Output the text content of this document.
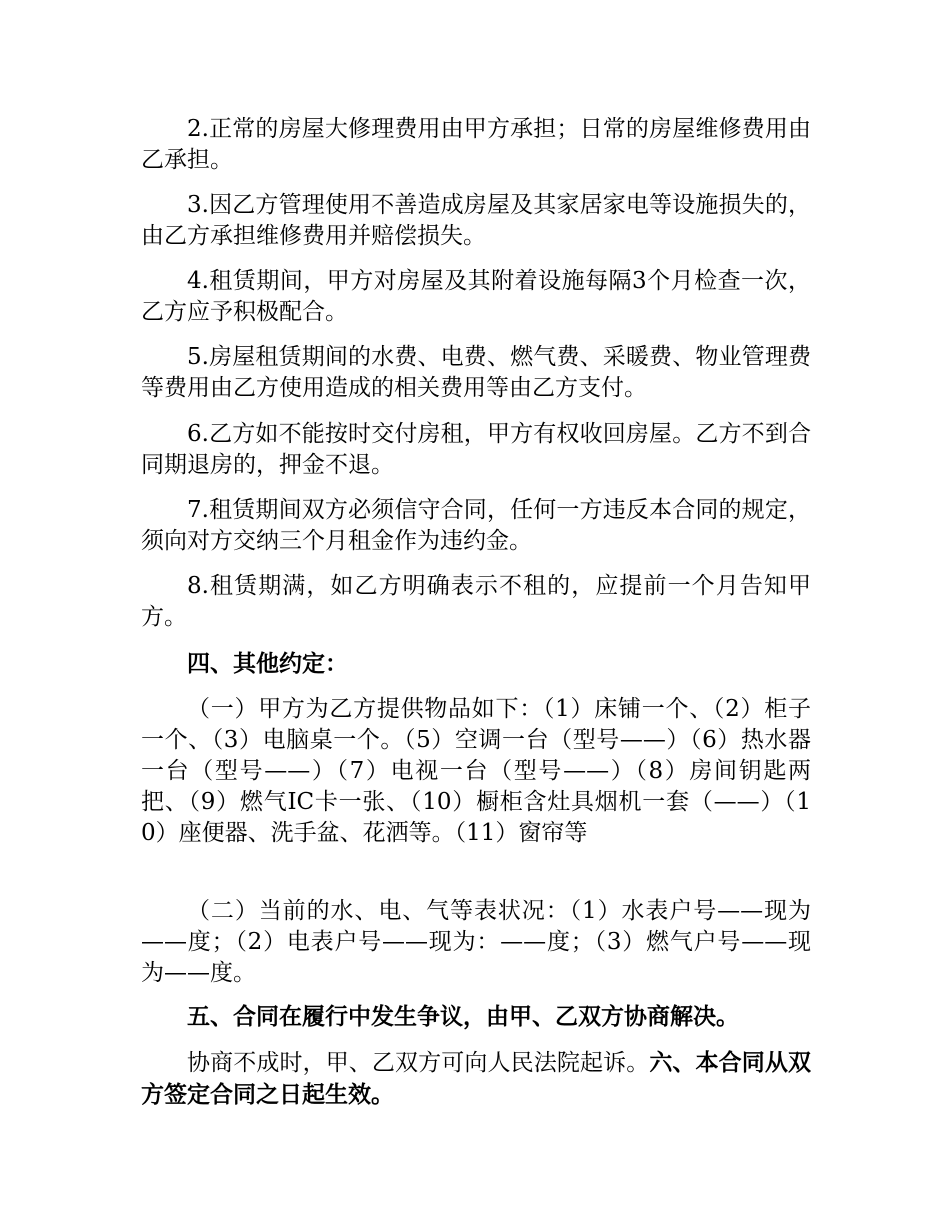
2.正常的房屋大修理费用由甲方承担；日常的房屋维修费用由乙承担。

3.因乙方管理使用不善造成房屋及其家居家电等设施损失的，由乙方承担维修费用并赔偿损失。

4.租赁期间，甲方对房屋及其附着设施每隔3个月检查一次，乙方应予积极配合。

5.房屋租赁期间的水费、电费、燃气费、采暖费、物业管理费等费用由乙方使用造成的相关费用等由乙方支付。

6.乙方如不能按时交付房租，甲方有权收回房屋。乙方不到合同期退房的，押金不退。

7.租赁期间双方必须信守合同，任何一方违反本合同的规定，须向对方交纳三个月租金作为违约金。

8.租赁期满，如乙方明确表示不租的，应提前一个月告知甲方。

四、其他约定：

（一）甲方为乙方提供物品如下：（1）床铺一个、（2）柜子一个、（3）电脑桌一个。（5）空调一台（型号——）（6）热水器一台（型号——）（7）电视一台（型号——）（8）房间钥匙两把、（9）燃气IC卡一张、（10）橱柜含灶具烟机一套（——）（10）座便器、洗手盆、花洒等。（11）窗帘等

（二）当前的水、电、气等表状况：（1）水表户号——现为——度；（2）电表户号——现为：——度；（3）燃气户号——现为——度。

五、合同在履行中发生争议，由甲、乙双方协商解决。

协商不成时，甲、乙双方可向人民法院起诉。六、本合同从双方签定合同之日起生效。
